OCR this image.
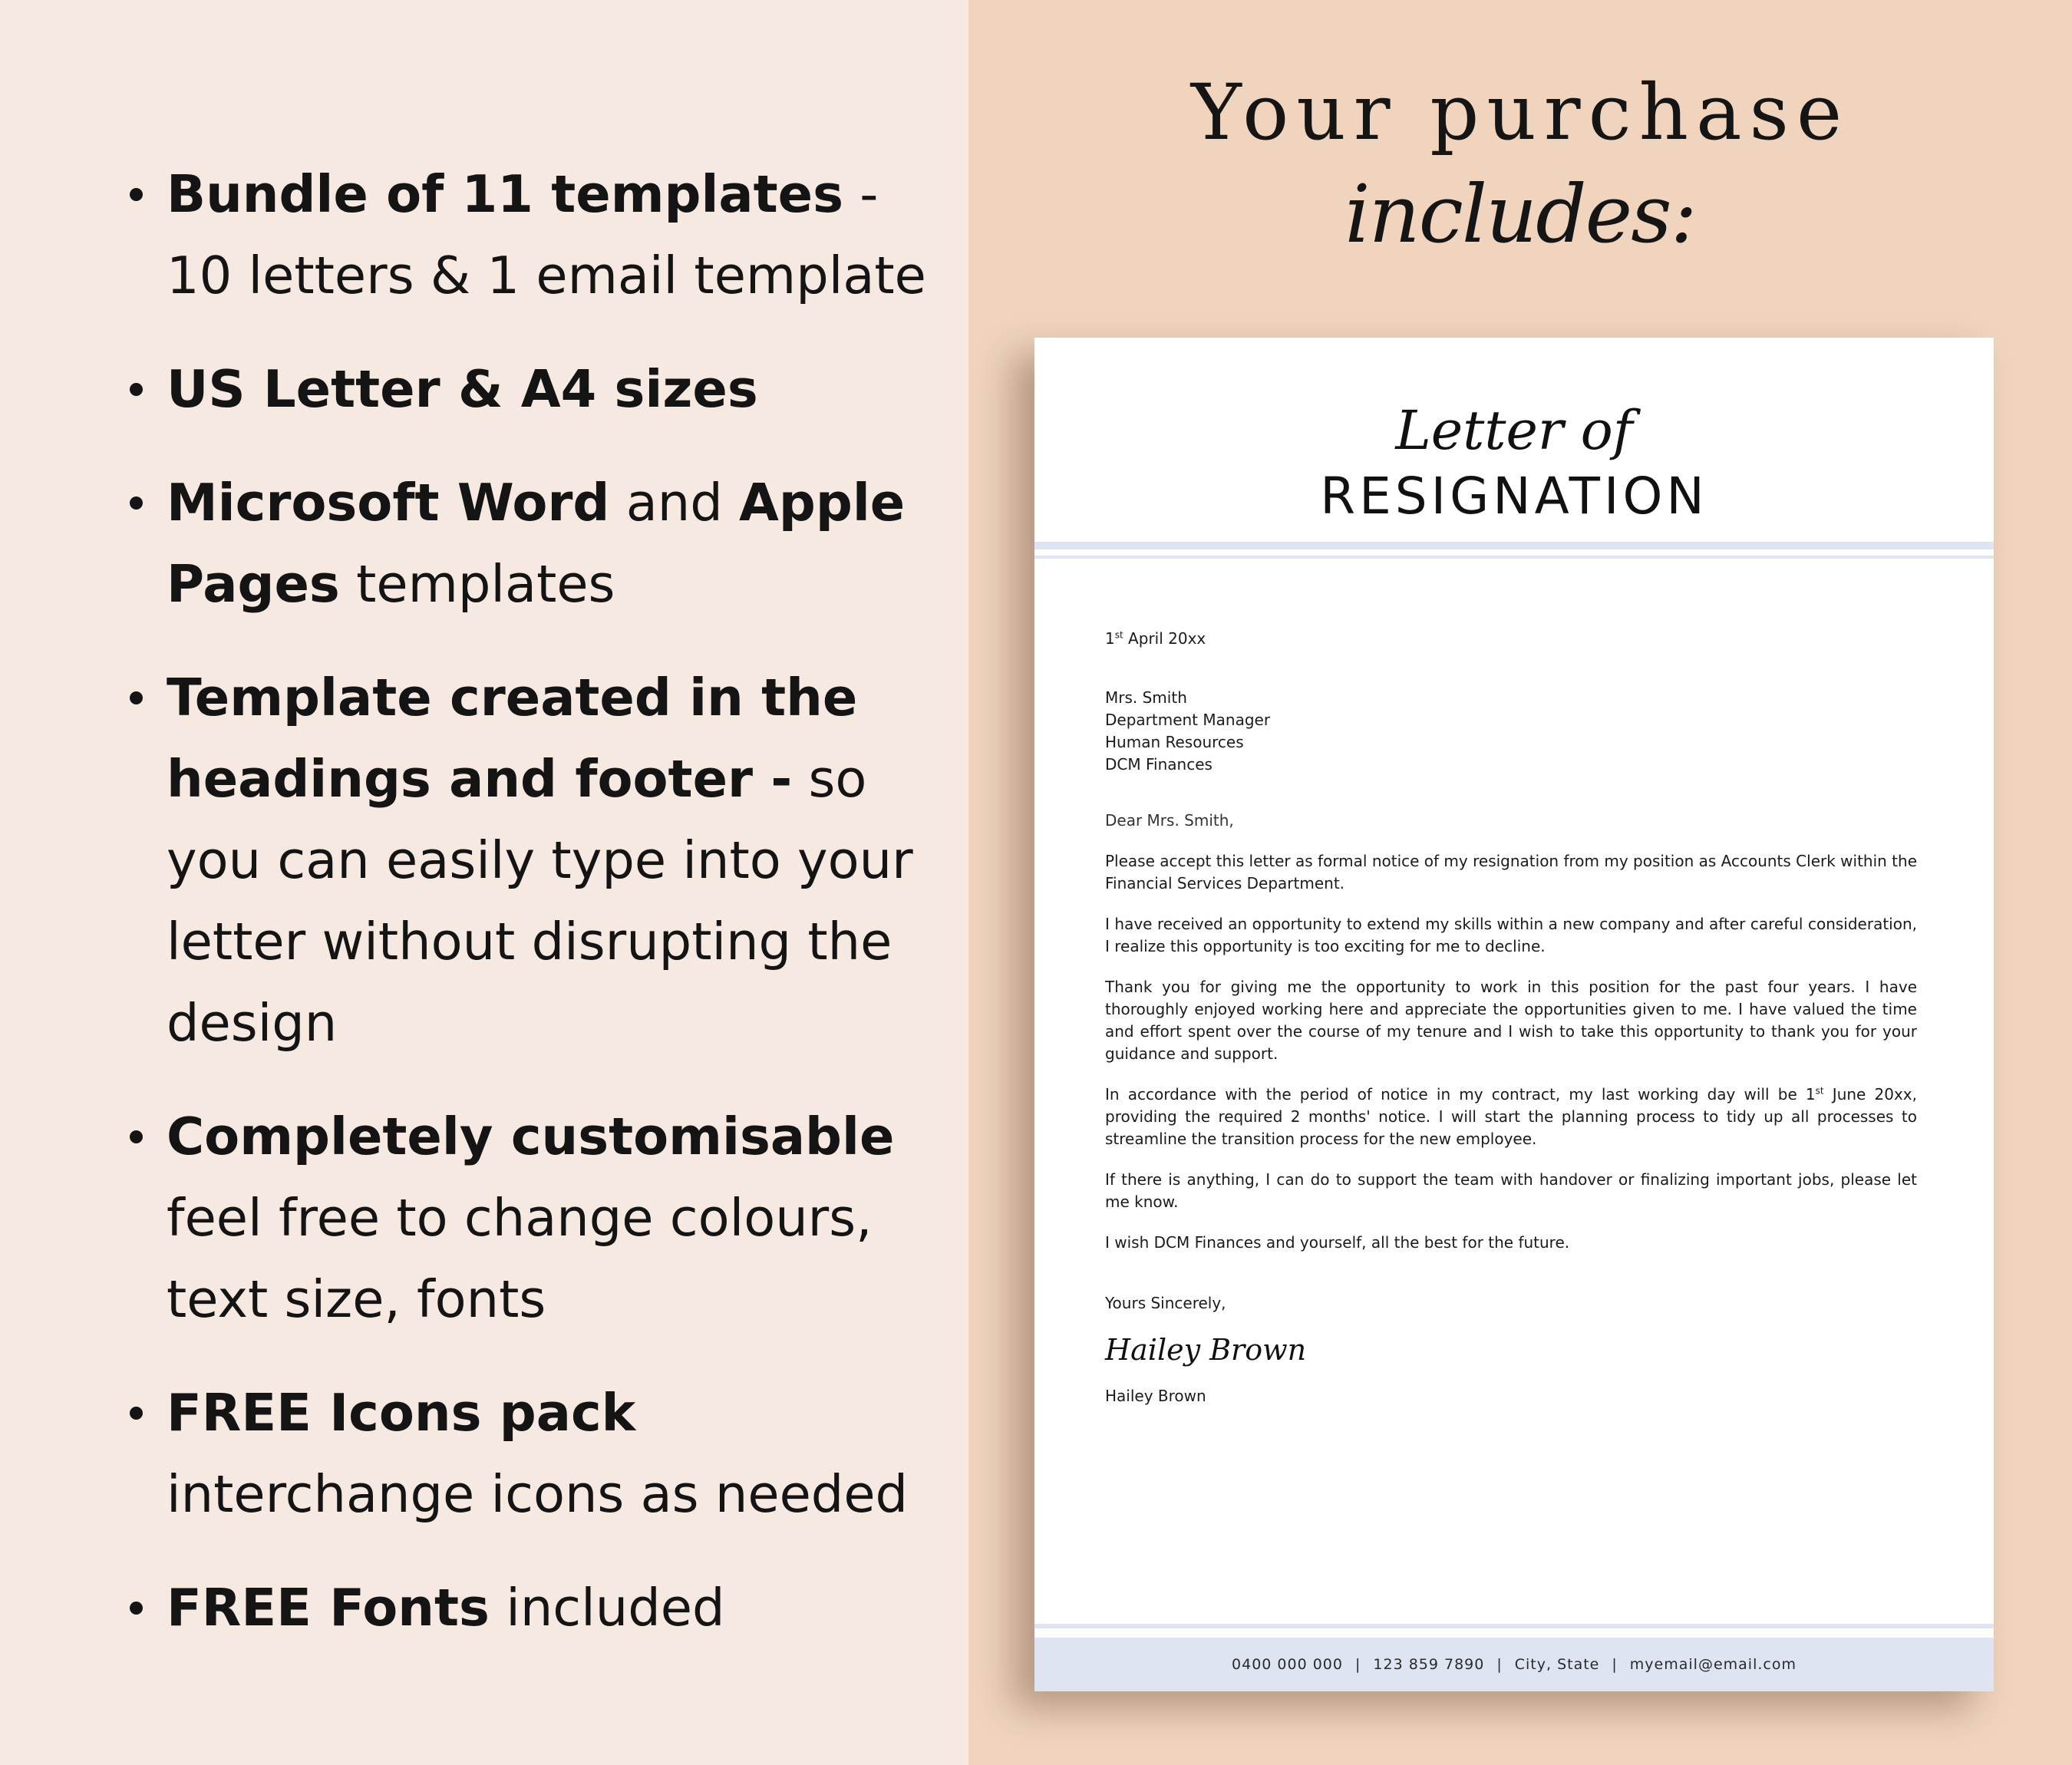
Bundle of 11 templates - 10 letters & 1 email template
US Letter & A4 sizes
Microsoft Word and Apple Pages templates
Template created in the headings and footer - so you can easily type into your letter without disrupting the design
Completely customisable
feel free to change colours, text size, fonts
FREE Icons pack
interchange icons as needed
FREE Fonts included
Your purchase
includes:
Letter of
RESIGNATION

1st April 20xx

Mrs. Smith
Department Manager
Human Resources
DCM Finances

Dear Mrs. Smith,

Please accept this letter as formal notice of my resignation from my position as Accounts Clerk within the Financial Services Department.

I have received an opportunity to extend my skills within a new company and after careful consideration, I realize this opportunity is too exciting for me to decline.

Thank you for giving me the opportunity to work in this position for the past four years. I have thoroughly enjoyed working here and appreciate the opportunities given to me. I have valued the time and effort spent over the course of my tenure and I wish to take this opportunity to thank you for your guidance and support.

In accordance with the period of notice in my contract, my last working day will be 1st June 20xx, providing the required 2 months' notice. I will start the planning process to tidy up all processes to streamline the transition process for the new employee.

If there is anything, I can do to support the team with handover or finalizing important jobs, please let me know.

I wish DCM Finances and yourself, all the best for the future.

Yours Sincerely,

Hailey Brown

Hailey Brown

0400 000 000 | 123 859 7890 | City, State | myemail@email.com
